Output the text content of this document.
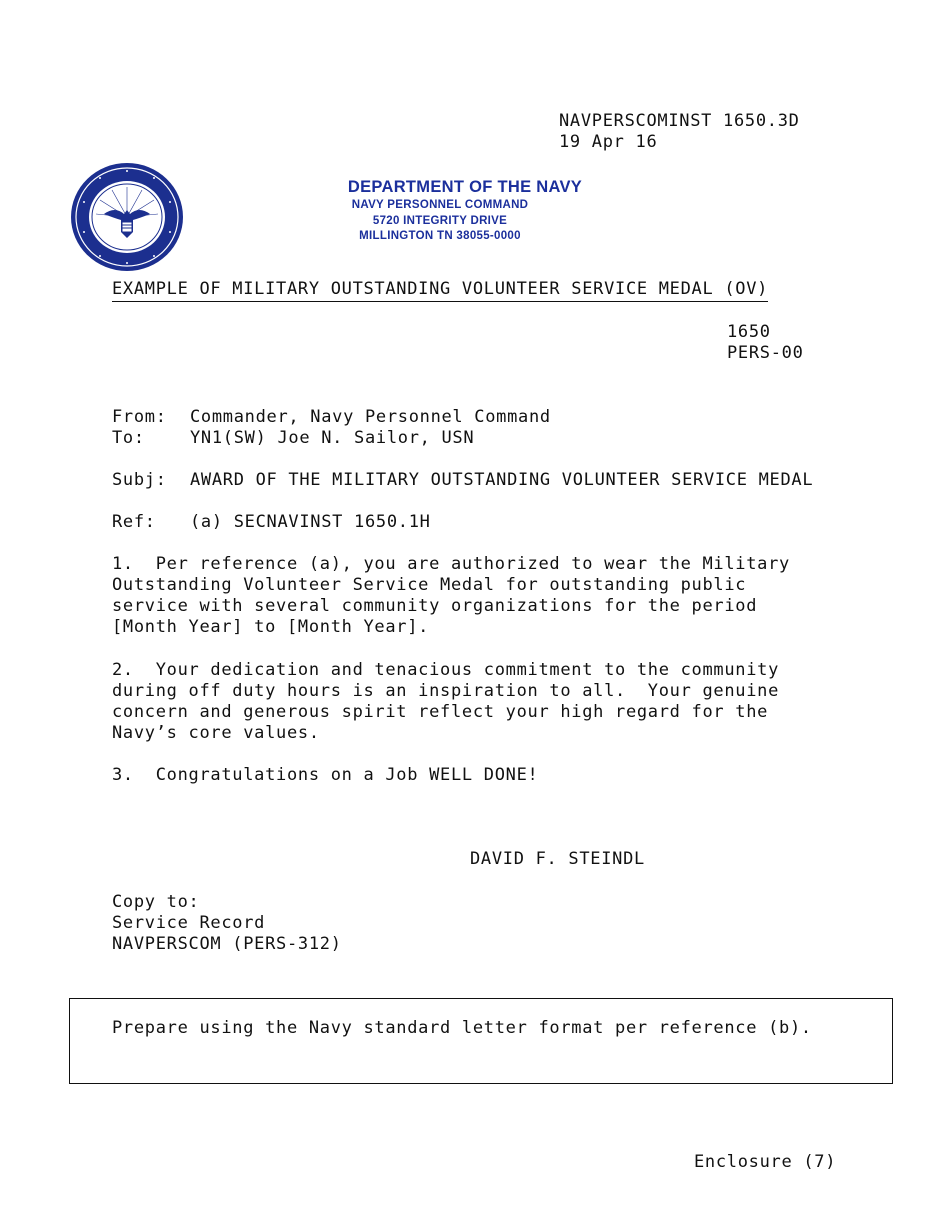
NAVPERSCOMINST 1650.3D
19 Apr 16
DEPARTMENT OF THE NAVY
NAVY PERSONNEL COMMAND
5720 INTEGRITY DRIVE
MILLINGTON TN 38055-0000
EXAMPLE OF MILITARY OUTSTANDING VOLUNTEER SERVICE MEDAL (OV)
1650
PERS-00
From: Commander, Navy Personnel Command
To:	YN1(SW) Joe N. Sailor, USN
Subj: AWARD OF THE MILITARY OUTSTANDING VOLUNTEER SERVICE MEDAL
Ref: (a) SECNAVINST 1650.1H
1.  Per reference (a), you are authorized to wear the Military
Outstanding Volunteer Service Medal for outstanding public
service with several community organizations for the period
[Month Year] to [Month Year].
2.  Your dedication and tenacious commitment to the community
during off duty hours is an inspiration to all.  Your genuine
concern and generous spirit reflect your high regard for the
Navy’s core values.
3.  Congratulations on a Job WELL DONE!
DAVID F. STEINDL
Copy to:
Service Record
NAVPERSCOM (PERS-312)
Prepare using the Navy standard letter format per reference (b).
Enclosure (7)
